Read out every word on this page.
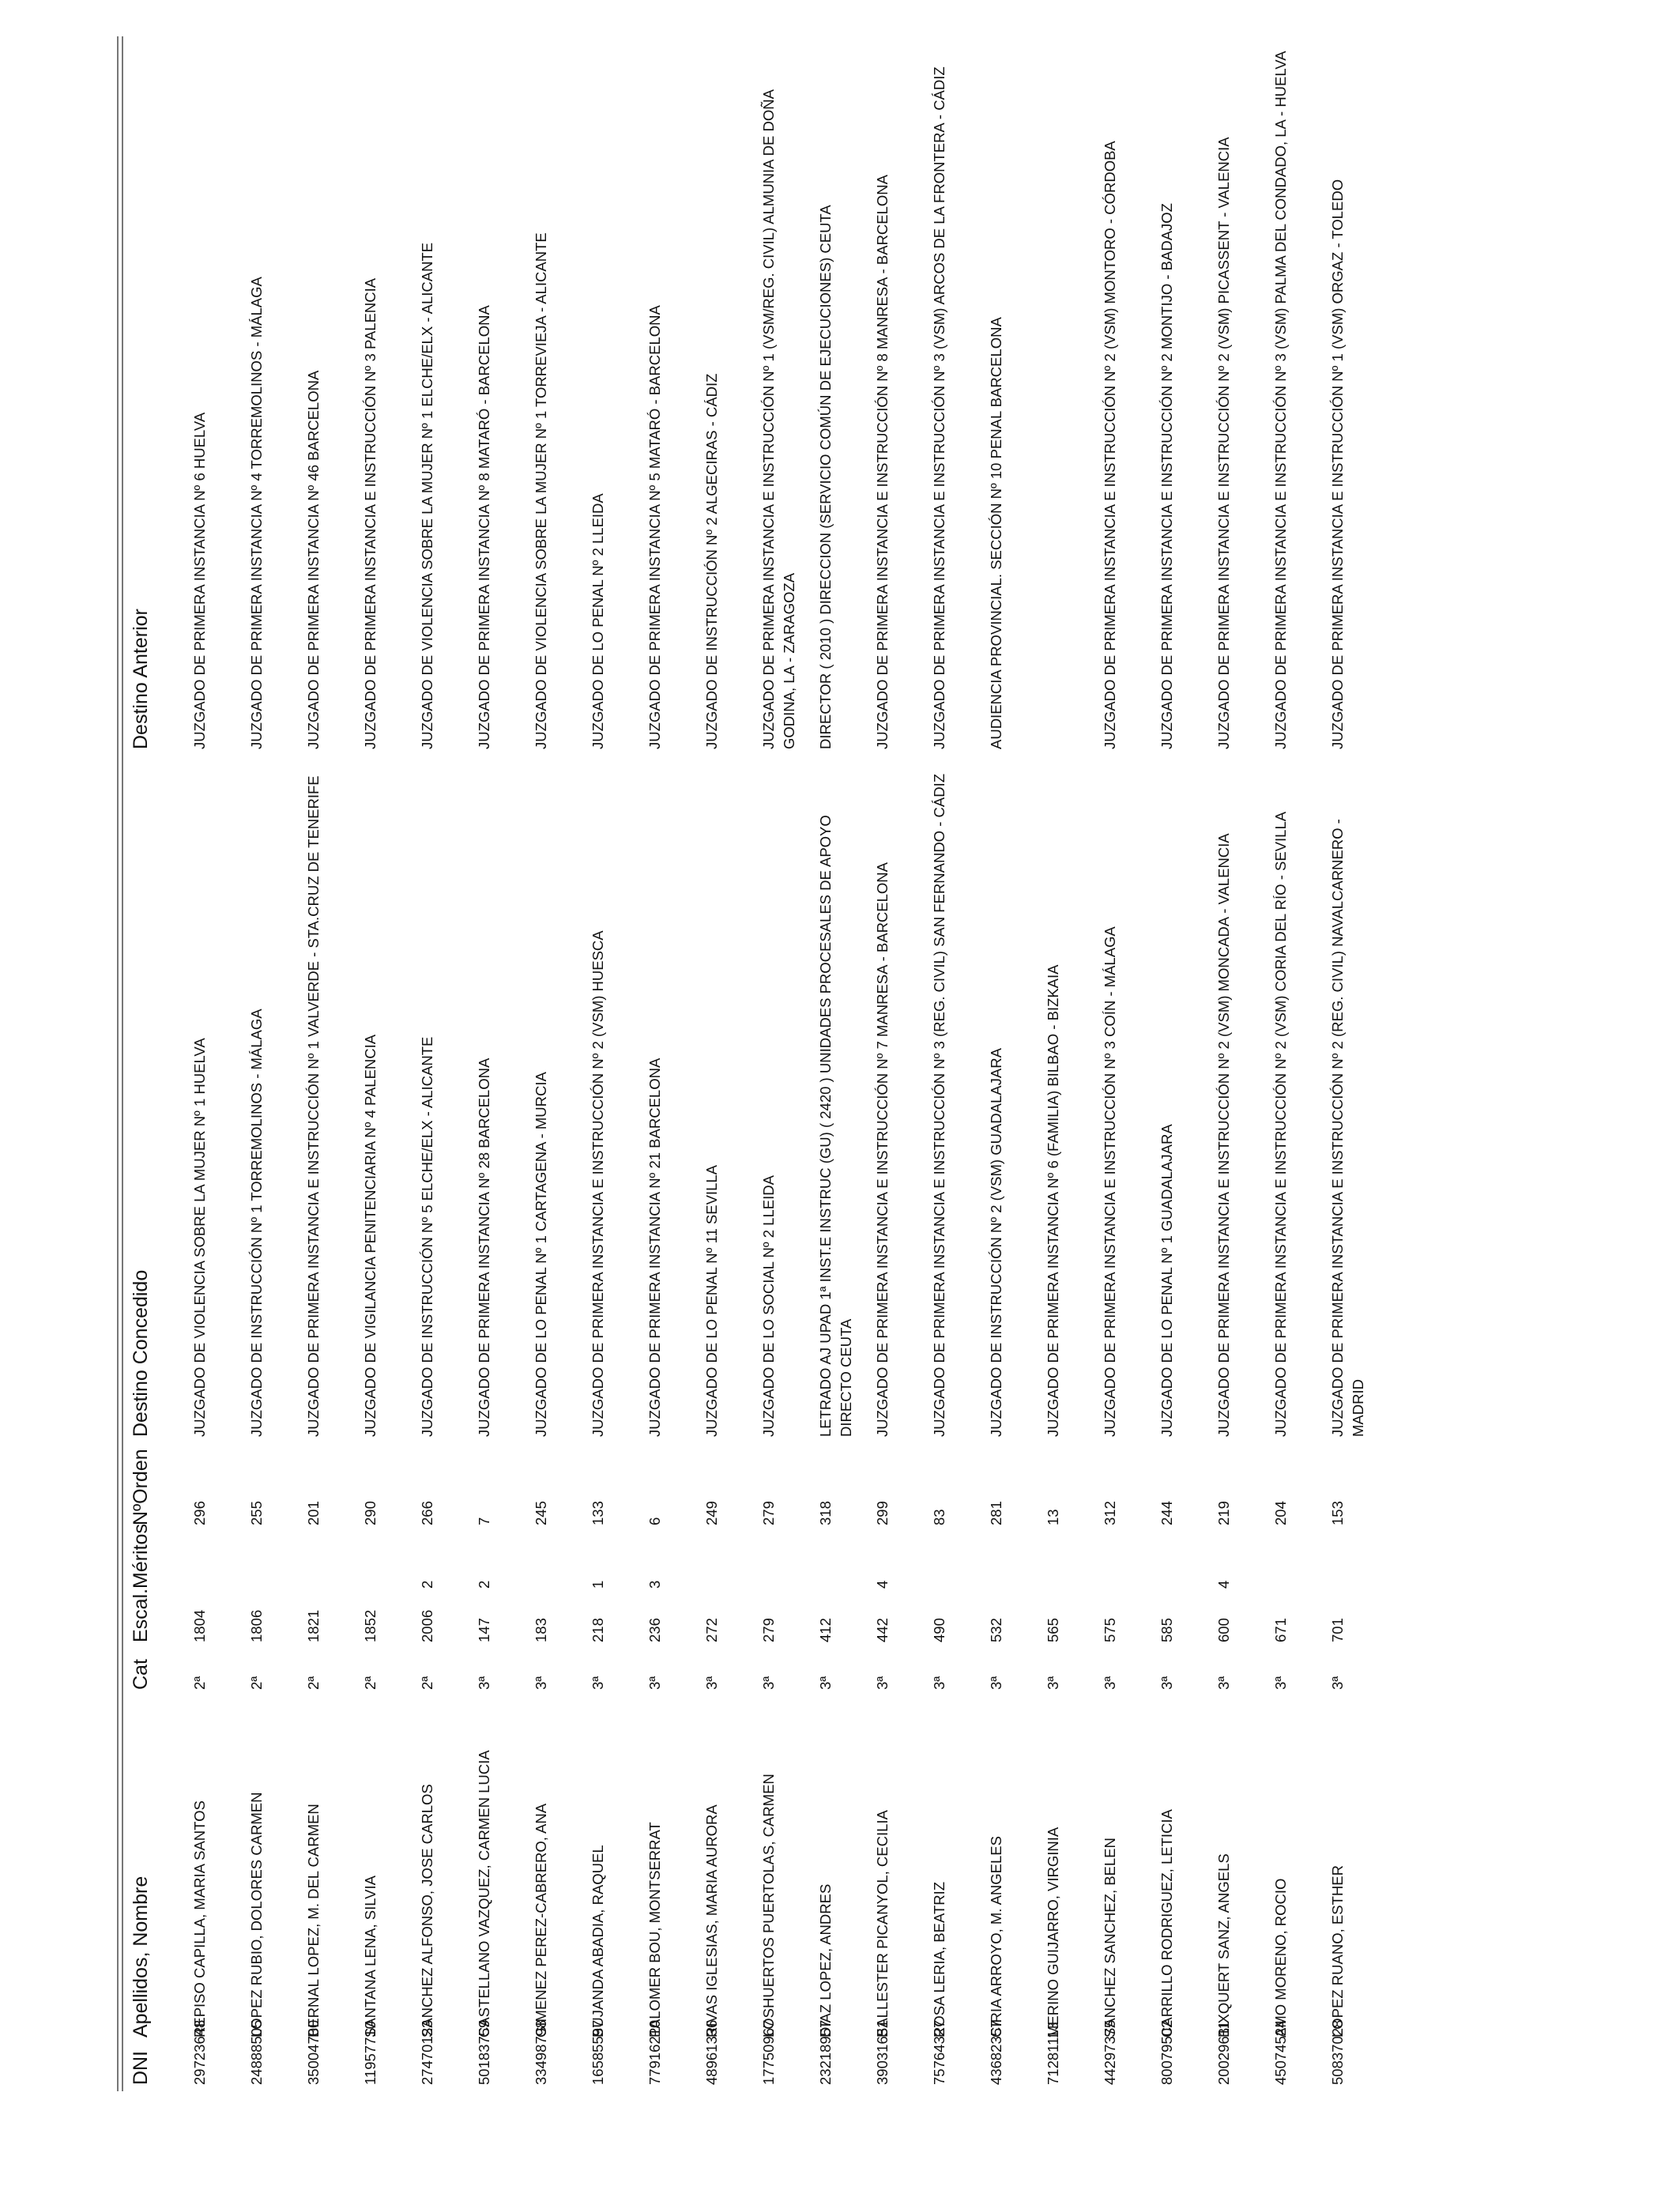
DNI	Apellidos, Nombre	Cat	Escal.	Méritos	NºOrden	Destino Concedido	Destino Anterior
29723648	REPISO CAPILLA, MARIA SANTOS	2ª	1804		296	JUZGADO DE VIOLENCIA SOBRE LA MUJER Nº 1 HUELVA	JUZGADO DE PRIMERA INSTANCIA Nº 6 HUELVA
24888505	LOPEZ RUBIO, DOLORES CARMEN	2ª	1806		255	JUZGADO DE INSTRUCCIÓN Nº 1 TORREMOLINOS - MÁLAGA	JUZGADO DE PRIMERA INSTANCIA Nº 4 TORREMOLINOS - MÁLAGA
35004700	BERNAL LOPEZ, M. DEL CARMEN	2ª	1821		201	JUZGADO DE PRIMERA INSTANCIA E INSTRUCCIÓN Nº 1 VALVERDE - STA.CRUZ DE TENERIFE	JUZGADO DE PRIMERA INSTANCIA Nº 46 BARCELONA
11957710	SANTANA LENA, SILVIA	2ª	1852		290	JUZGADO DE VIGILANCIA PENITENCIARIA Nº 4 PALENCIA	JUZGADO DE PRIMERA INSTANCIA E INSTRUCCIÓN Nº 3 PALENCIA
27470123	SANCHEZ ALFONSO, JOSE CARLOS	2ª	2006	2	266	JUZGADO DE INSTRUCCIÓN Nº 5 ELCHE/ELX - ALICANTE	JUZGADO DE VIOLENCIA SOBRE LA MUJER Nº 1 ELCHE/ELX - ALICANTE
50183759	CASTELLANO VAZQUEZ, CARMEN LUCIA	3ª	147	2	7	JUZGADO DE PRIMERA INSTANCIA Nº 28 BARCELONA	JUZGADO DE PRIMERA INSTANCIA Nº 8 MATARÓ - BARCELONA
33498798	GIMENEZ PEREZ-CABRERO, ANA	3ª	183		245	JUZGADO DE LO PENAL Nº 1 CARTAGENA - MURCIA	JUZGADO DE VIOLENCIA SOBRE LA MUJER Nº 1 TORREVIEJA - ALICANTE
16585597	BUJANDA ABADIA, RAQUEL	3ª	218	1	133	JUZGADO DE PRIMERA INSTANCIA E INSTRUCCIÓN Nº 2 (VSM) HUESCA	JUZGADO DE LO PENAL Nº 2 LLEIDA
77916210	PALOMER BOU, MONTSERRAT	3ª	236	3	6	JUZGADO DE PRIMERA INSTANCIA Nº 21 BARCELONA	JUZGADO DE PRIMERA INSTANCIA Nº 5 MATARÓ - BARCELONA
48961336	RIVAS IGLESIAS, MARIA AURORA	3ª	272		249	JUZGADO DE LO PENAL Nº 11 SEVILLA	JUZGADO DE INSTRUCCIÓN Nº 2 ALGECIRAS - CÁDIZ
17750967	LOSHUERTOS PUERTOLAS, CARMEN	3ª	279		279	JUZGADO DE LO SOCIAL Nº 2 LLEIDA	JUZGADO DE PRIMERA INSTANCIA E INSTRUCCIÓN Nº 1 (VSM/REG. CIVIL) ALMUNIA DE DOÑA GODINA, LA - ZARAGOZA
23218957	DIAZ LOPEZ, ANDRES	3ª	412		318	LETRADO AJ UPAD 1ª INST.E INSTRUC (GU) ( 2420 ) UNIDADES PROCESALES DE APOYO DIRECTO CEUTA	DIRECTOR ( 2010 ) DIRECCION (SERVICIO COMÚN DE EJECUCIONES) CEUTA
39031651	BALLESTER PICANYOL, CECILIA	3ª	442	4	299	JUZGADO DE PRIMERA INSTANCIA E INSTRUCCIÓN Nº 7 MANRESA - BARCELONA	JUZGADO DE PRIMERA INSTANCIA E INSTRUCCIÓN Nº 8 MANRESA - BARCELONA
75764327	ROSA LERIA, BEATRIZ	3ª	490		83	JUZGADO DE PRIMERA INSTANCIA E INSTRUCCIÓN Nº 3 (REG. CIVIL) SAN FERNANDO - CÁDIZ	JUZGADO DE PRIMERA INSTANCIA E INSTRUCCIÓN Nº 3 (VSM) ARCOS DE LA FRONTERA - CÁDIZ
43682357	CIRIA ARROYO, M. ANGELES	3ª	532		281	JUZGADO DE INSTRUCCIÓN Nº 2 (VSM) GUADALAJARA	AUDIENCIA PROVINCIAL. SECCIÓN Nº 10 PENAL BARCELONA
71281113	MERINO GUIJARRO, VIRGINIA	3ª	565		13	JUZGADO DE PRIMERA INSTANCIA Nº 6 (FAMILIA) BILBAO - BIZKAIA	
44297375	SANCHEZ SANCHEZ, BELEN	3ª	575		312	JUZGADO DE PRIMERA INSTANCIA E INSTRUCCIÓN Nº 3 COÍN - MÁLAGA	JUZGADO DE PRIMERA INSTANCIA E INSTRUCCIÓN Nº 2 (VSM) MONTORO - CÓRDOBA
80079502	CARRILLO RODRIGUEZ, LETICIA	3ª	585		244	JUZGADO DE LO PENAL Nº 1 GUADALAJARA	JUZGADO DE PRIMERA INSTANCIA E INSTRUCCIÓN Nº 2 MONTIJO - BADAJOZ
20029611	BIXQUERT SANZ, ANGELS	3ª	600	4	219	JUZGADO DE PRIMERA INSTANCIA E INSTRUCCIÓN Nº 2 (VSM) MONCADA - VALENCIA	JUZGADO DE PRIMERA INSTANCIA E INSTRUCCIÓN Nº 2 (VSM) PICASSENT - VALENCIA
45074524	AMO MORENO, ROCIO	3ª	671		204	JUZGADO DE PRIMERA INSTANCIA E INSTRUCCIÓN Nº 2 (VSM) CORIA DEL RÍO - SEVILLA	JUZGADO DE PRIMERA INSTANCIA E INSTRUCCIÓN Nº 3 (VSM) PALMA DEL CONDADO, LA - HUELVA
50837028	LOPEZ RUANO, ESTHER	3ª	701		153	JUZGADO DE PRIMERA INSTANCIA E INSTRUCCIÓN Nº 2 (REG. CIVIL) NAVALCARNERO - MADRID	JUZGADO DE PRIMERA INSTANCIA E INSTRUCCIÓN Nº 1 (VSM) ORGAZ - TOLEDO
